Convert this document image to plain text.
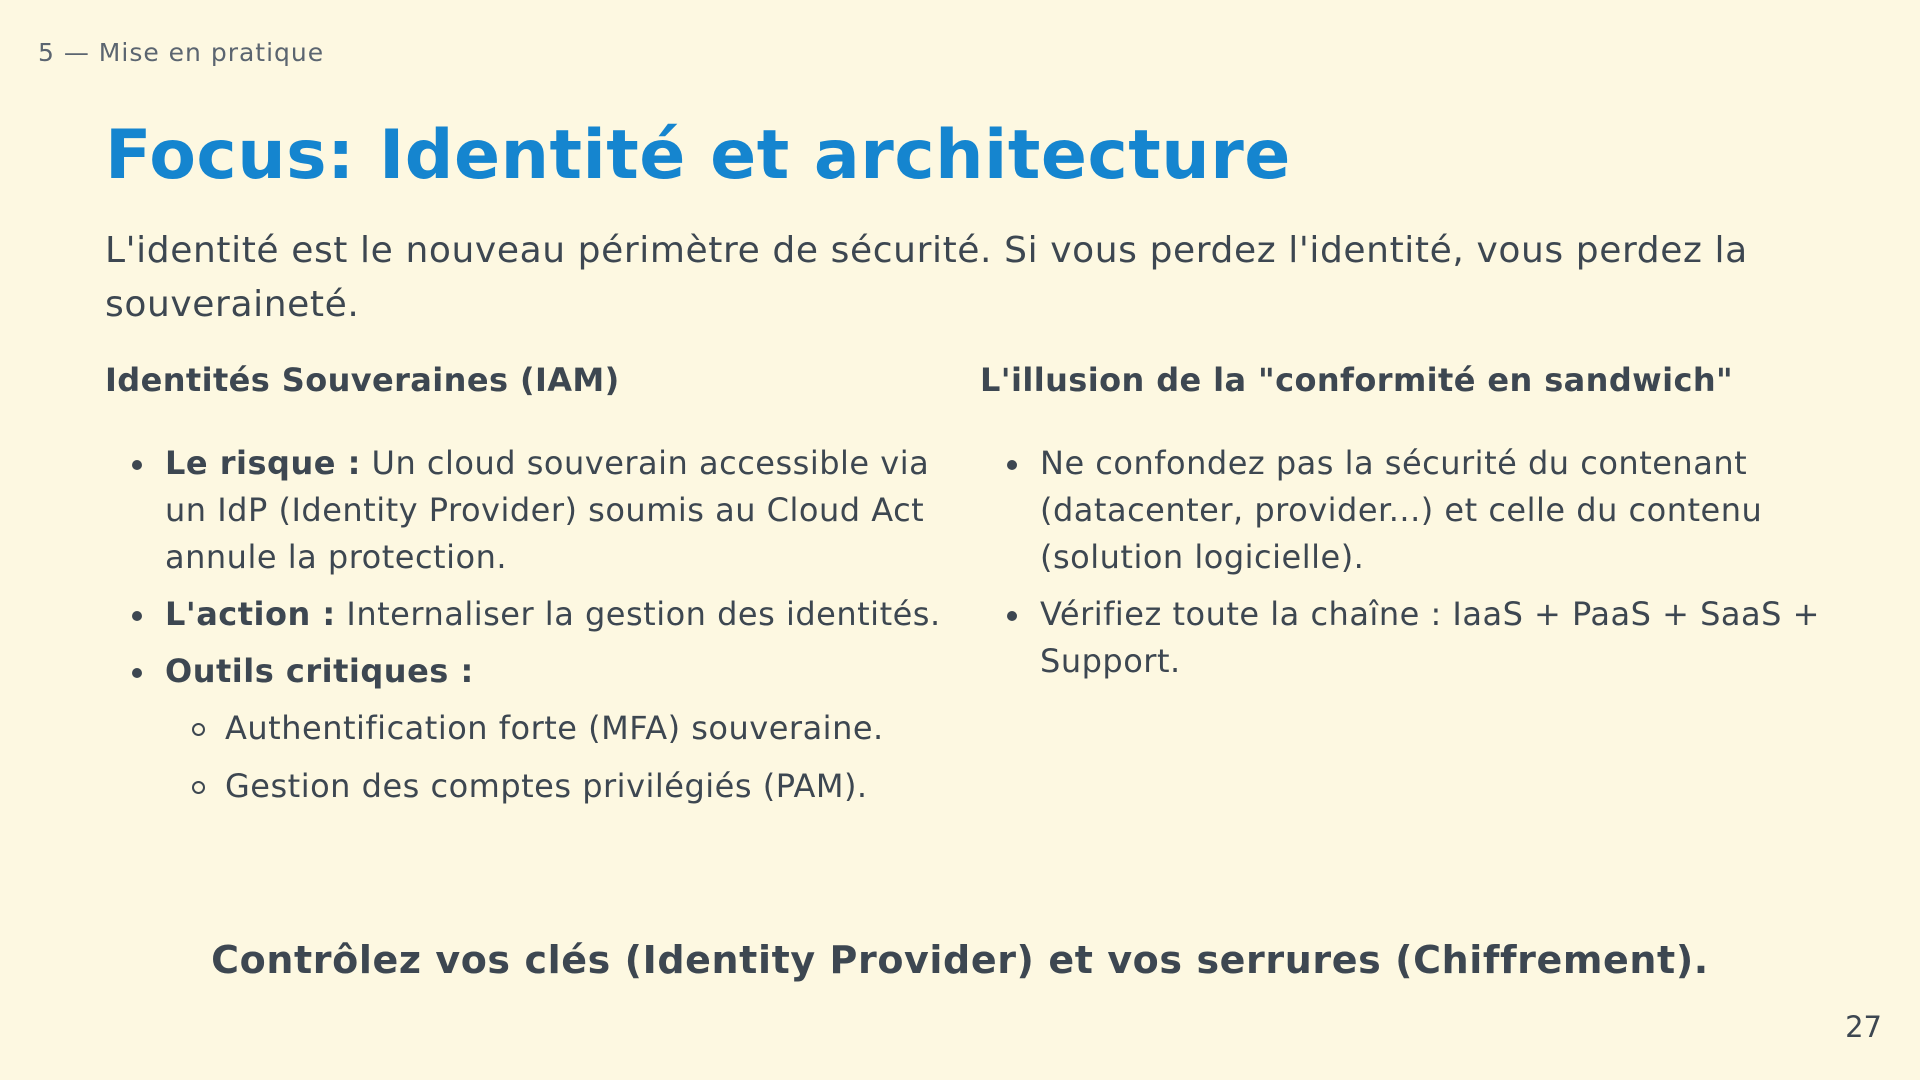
5 — Mise en pratique
Focus: Identité et architecture

L'identité est le nouveau périmètre de sécurité. Si vous perdez l'identité, vous perdez la souveraineté.

Identités Souveraines (IAM)
Le risque : Un cloud souverain accessible via un IdP (Identity Provider) soumis au Cloud Act annule la protection.
L'action : Internaliser la gestion des identités.
Outils critiques :
Authentification forte (MFA) souveraine.
Gestion des comptes privilégiés (PAM).
L'illusion de la "conformité en sandwich"
Ne confondez pas la sécurité du contenant (datacenter, provider...) et celle du contenu (solution logicielle).
Vérifiez toute la chaîne : IaaS + PaaS + SaaS + Support.
Contrôlez vos clés (Identity Provider) et vos serrures (Chiffrement).
27
